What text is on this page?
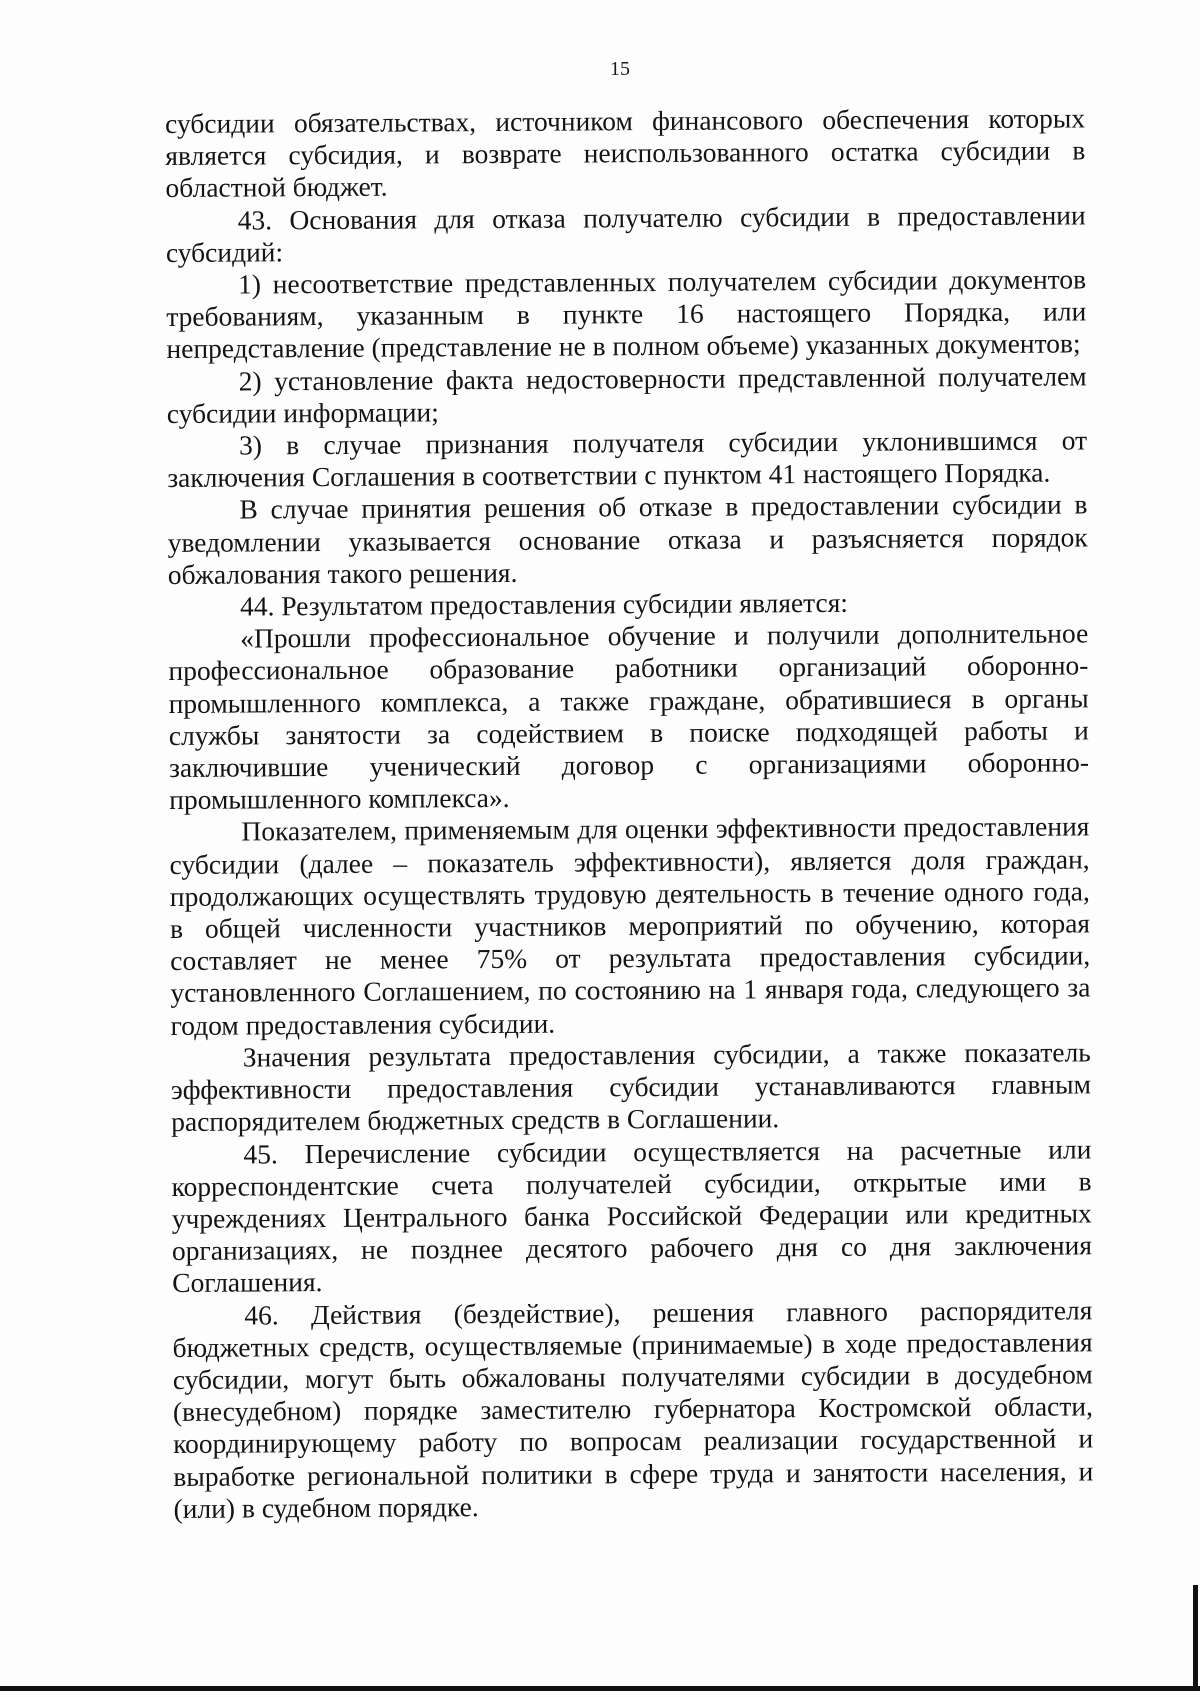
15

субсидии обязательствах, источником финансового обеспечения которых является субсидия, и возврате неиспользованного остатка субсидии в областной бюджет.

43. Основания для отказа получателю субсидии в предоставлении субсидий:

1) несоответствие представленных получателем субсидии документов требованиям, указанным в пункте 16 настоящего Порядка, или непредставление (представление не в полном объеме) указанных документов;

2) установление факта недостоверности представленной получателем субсидии информации;

3) в случае признания получателя субсидии уклонившимся от заключения Соглашения в соответствии с пунктом 41 настоящего Порядка.

В случае принятия решения об отказе в предоставлении субсидии в уведомлении указывается основание отказа и разъясняется порядок обжалования такого решения.

44. Результатом предоставления субсидии является:

«Прошли профессиональное обучение и получили дополнительное профессиональное образование работники организаций оборонно-промышленного комплекса, а также граждане, обратившиеся в органы службы занятости за содействием в поиске подходящей работы и заключившие ученический договор с организациями оборонно-промышленного комплекса».

Показателем, применяемым для оценки эффективности предоставления субсидии (далее – показатель эффективности), является доля граждан, продолжающих осуществлять трудовую деятельность в течение одного года, в общей численности участников мероприятий по обучению, которая составляет не менее 75% от результата предоставления субсидии, установленного Соглашением, по состоянию на 1 января года, следующего за годом предоставления субсидии.

Значения результата предоставления субсидии, а также показатель эффективности предоставления субсидии устанавливаются главным распорядителем бюджетных средств в Соглашении.

45. Перечисление субсидии осуществляется на расчетные или корреспондентские счета получателей субсидии, открытые ими в учреждениях Центрального банка Российской Федерации или кредитных организациях, не позднее десятого рабочего дня со дня заключения Соглашения.

46. Действия (бездействие), решения главного распорядителя бюджетных средств, осуществляемые (принимаемые) в ходе предоставления субсидии, могут быть обжалованы получателями субсидии в досудебном (внесудебном) порядке заместителю губернатора Костромской области, координирующему работу по вопросам реализации государственной и выработке региональной политики в сфере труда и занятости населения, и (или) в судебном порядке.
